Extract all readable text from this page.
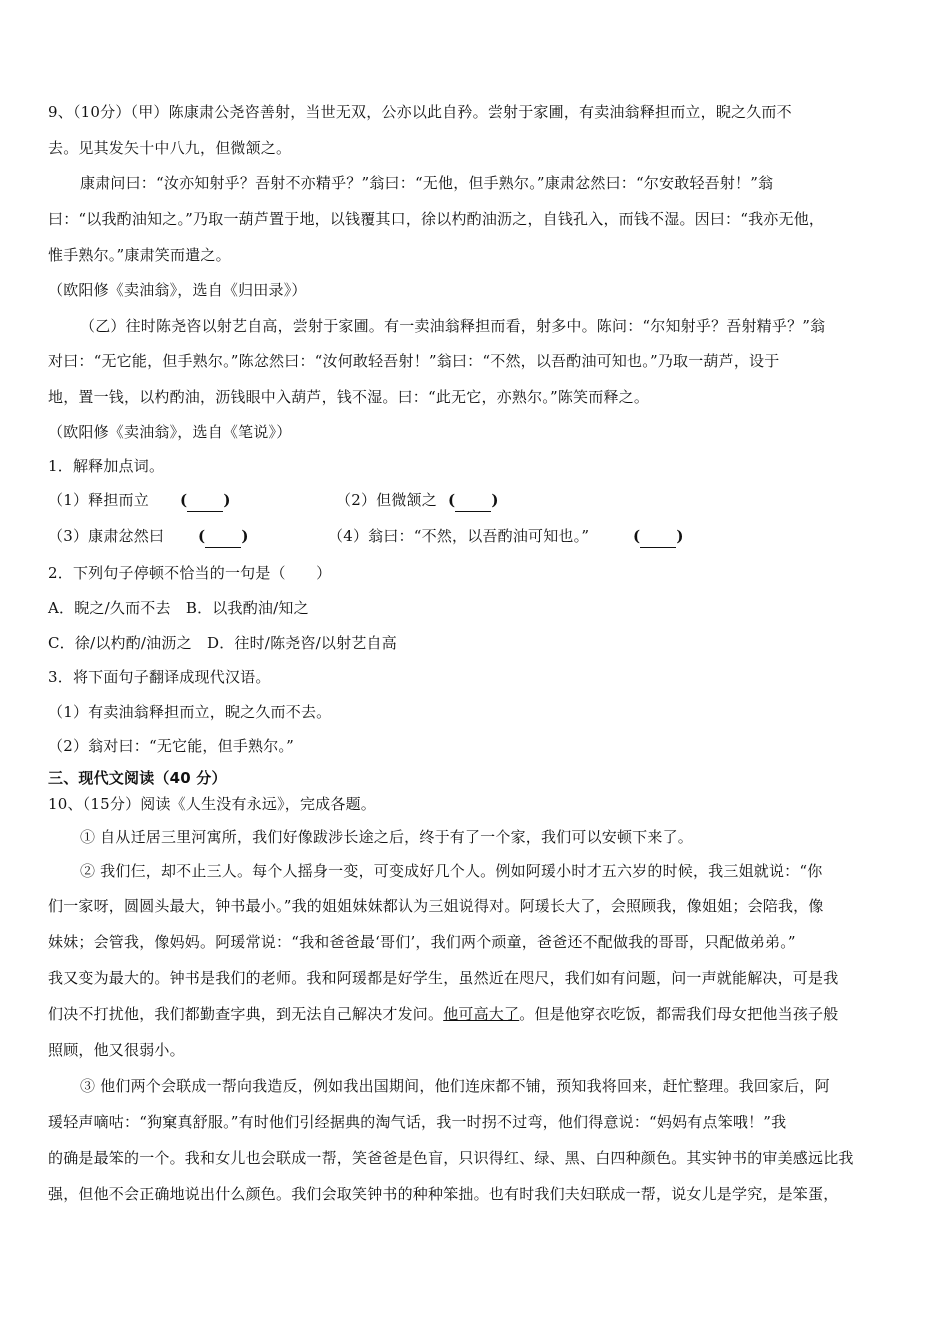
9、（10分）（甲）陈康肃公尧咨善射，当世无双，公亦以此自矜。尝射于家圃，有卖油翁释担而立，睨之久而不
去。见其发矢十中八九，但微颔之。
康肃问曰：“汝亦知射乎？吾射不亦精乎？”翁曰：“无他，但手熟尔。”康肃忿然曰：“尔安敢轻吾射！”翁
曰：“以我酌油知之。”乃取一葫芦置于地，以钱覆其口，徐以杓酌油沥之，自钱孔入，而钱不湿。因曰：“我亦无他，
惟手熟尔。”康肃笑而遣之。
（欧阳修《卖油翁》，选自《归田录》）
（乙）往时陈尧咨以射艺自高，尝射于家圃。有一卖油翁释担而看，射多中。陈问：“尔知射乎？吾射精乎？”翁
对曰：“无它能，但手熟尔。”陈忿然曰：“汝何敢轻吾射！”翁曰：“不然，以吾酌油可知也。”乃取一葫芦，设于
地，置一钱，以杓酌油，沥钱眼中入葫芦，钱不湿。曰：“此无它，亦熟尔。”陈笑而释之。
（欧阳修《卖油翁》，选自《笔说》）
1．解释加点词。
（1）释担而立 ( )	（2）但微颔之 ( )
（3）康肃忿然曰 ( )	（4）翁曰：“不然，以吾酌油可知也。”	( )
2．下列句子停顿不恰当的一句是（　　）
A．睨之/久而不去　B．以我酌油/知之
C．徐/以杓酌/油沥之　D．往时/陈尧咨/以射艺自高
3．将下面句子翻译成现代汉语。
（1）有卖油翁释担而立，睨之久而不去。
（2）翁对曰：“无它能，但手熟尔。”
三、现代文阅读（40 分）
10、（15分）阅读《人生没有永远》，完成各题。
① 自从迁居三里河寓所，我们好像跋涉长途之后，终于有了一个家，我们可以安顿下来了。
② 我们仨，却不止三人。每个人摇身一变，可变成好几个人。例如阿瑗小时才五六岁的时候，我三姐就说：“你
们一家呀，圆圆头最大，钟书最小。”我的姐姐妹妹都认为三姐说得对。阿瑗长大了，会照顾我，像姐姐；会陪我，像
妹妹；会管我，像妈妈。阿瑗常说：“我和爸爸最‘哥们’，我们两个顽童，爸爸还不配做我的哥哥，只配做弟弟。”
我又变为最大的。钟书是我们的老师。我和阿瑗都是好学生，虽然近在咫尺，我们如有问题，问一声就能解决，可是我
们决不打扰他，我们都勤查字典，到无法自己解决才发问。他可高大了。但是他穿衣吃饭，都需我们母女把他当孩子般
照顾，他又很弱小。
③ 他们两个会联成一帮向我造反，例如我出国期间，他们连床都不铺，预知我将回来，赶忙整理。我回家后，阿
瑗轻声嘀咕：“狗窠真舒服。”有时他们引经据典的淘气话，我一时拐不过弯，他们得意说：“妈妈有点笨哦！”我
的确是最笨的一个。我和女儿也会联成一帮，笑爸爸是色盲，只识得红、绿、黑、白四种颜色。其实钟书的审美感远比我
强，但他不会正确地说出什么颜色。我们会取笑钟书的种种笨拙。也有时我们夫妇联成一帮，说女儿是学究，是笨蛋，
